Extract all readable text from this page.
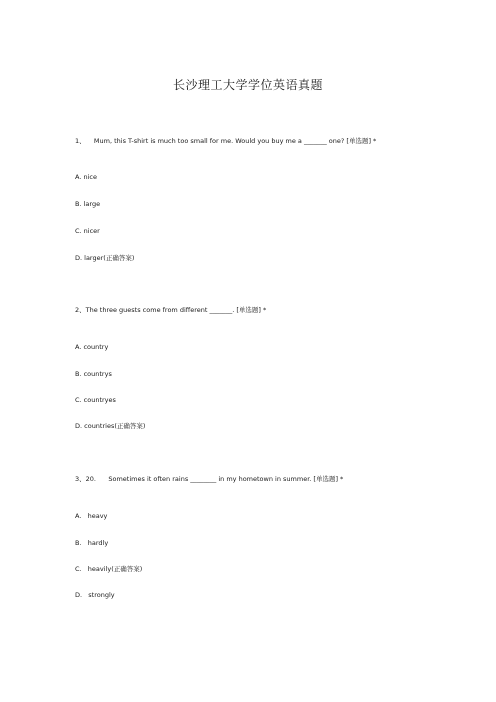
长沙理工大学学位英语真题
1、    Mum, this T-shirt is much too small for me. Would you buy me a _______ one? [单选题] *
A. nice
B. large
C. nicer
D. larger(正确答案)
2、The three guests come from different _______. [单选题] *
A. country
B. countrys
C. countryes
D. countries(正确答案)
3、20.      Sometimes it often rains ________ in my hometown in summer. [单选题] *
A.   heavy
B.   hardly
C.   heavily(正确答案)
D.   strongly
